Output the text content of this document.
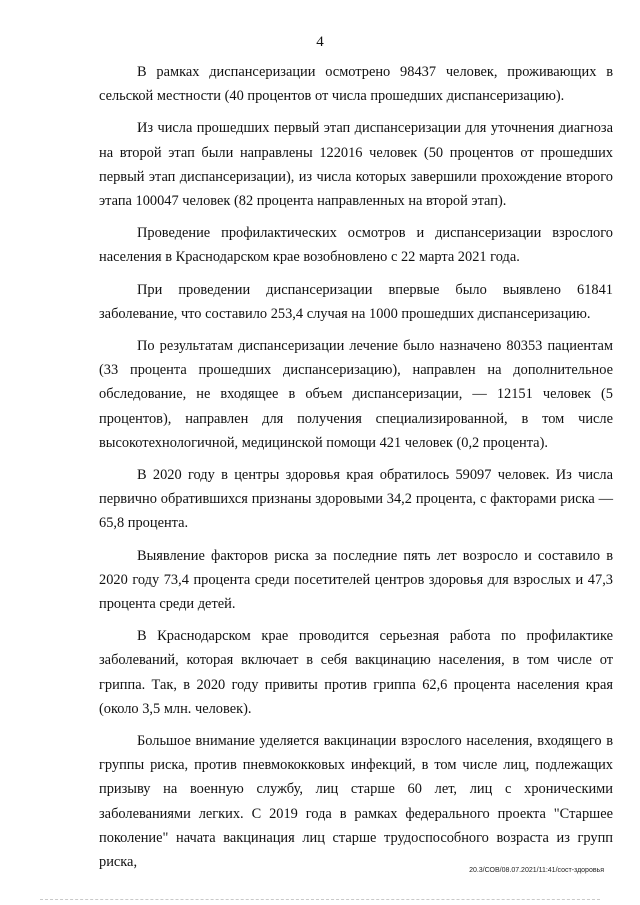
4

В рамках диспансеризации осмотрено 98437 человек, проживающих в сельской местности (40 процентов от числа прошедших диспансеризацию).

Из числа прошедших первый этап диспансеризации для уточнения диагноза на второй этап были направлены 122016 человек (50 процентов от прошедших первый этап диспансеризации), из числа которых завершили прохождение второго этапа 100047 человек (82 процента направленных на второй этап).

Проведение профилактических осмотров и диспансеризации взрослого населения в Краснодарском крае возобновлено с 22 марта 2021 года.

При проведении диспансеризации впервые было выявлено 61841 заболевание, что составило 253,4 случая на 1000 прошедших диспансеризацию.

По результатам диспансеризации лечение было назначено 80353 пациентам (33 процента прошедших диспансеризацию), направлен на дополнительное обследование, не входящее в объем диспансеризации, — 12151 человек (5 процентов), направлен для получения специализированной, в том числе высокотехнологичной, медицинской помощи 421 человек (0,2 процента).

В 2020 году в центры здоровья края обратилось 59097 человек. Из числа первично обратившихся признаны здоровыми 34,2 процента, с факторами риска — 65,8 процента.

Выявление факторов риска за последние пять лет возросло и составило в 2020 году 73,4 процента среди посетителей центров здоровья для взрослых и 47,3 процента среди детей.

В Краснодарском крае проводится серьезная работа по профилактике заболеваний, которая включает в себя вакцинацию населения, в том числе от гриппа. Так, в 2020 году привиты против гриппа 62,6 процента населения края (около 3,5 млн. человек).

Большое внимание уделяется вакцинации взрослого населения, входящего в группы риска, против пневмококковых инфекций, в том числе лиц, подлежащих призыву на военную службу, лиц старше 60 лет, лиц с хроническими заболеваниями легких. С 2019 года в рамках федерального проекта "Старшее поколение" начата вакцинация лиц старше трудоспособного возраста из групп риска,

20.3/СОВ/08.07.2021/11:41/сост-здоровья
